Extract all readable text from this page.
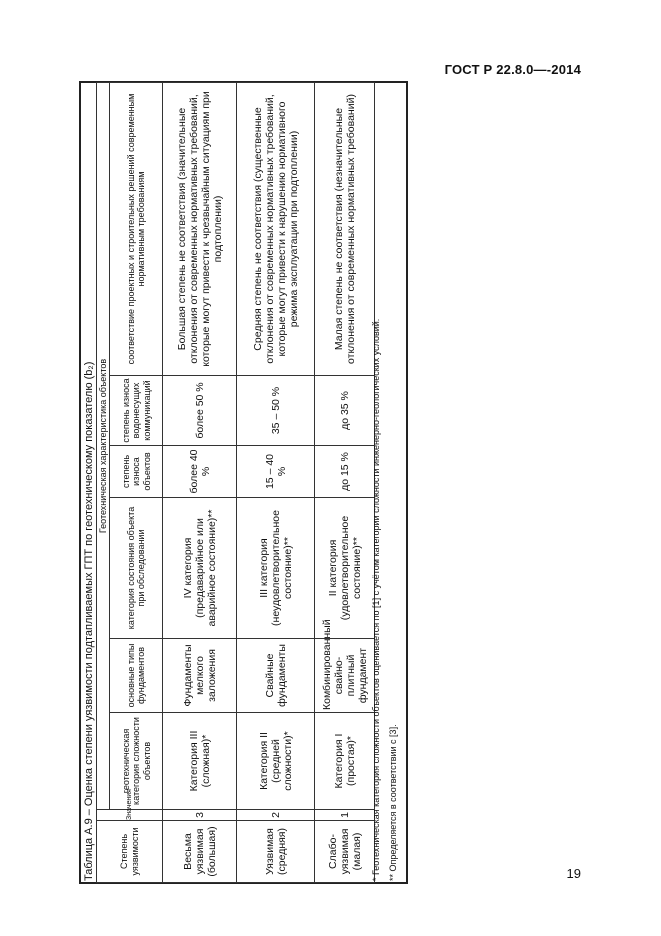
ГОСТ Р 22.8.0—-2014
Таблица А.9 – Оценка степени уязвимости подтапливаемых ГПТ по геотехническому показателю (b₂)	Степень уязвимости	Значения	Геотехническая характеристика объектов					
		геотехническая категория сложности объектов	основные типы фундаментов	категория состояния объекта при обследовании	степень износа объектов	степень износа водонесущих коммуникаций	соответствие проектных и строительных решений современным нормативным требованиям
Весьма уязвимая (большая)	3	Категория III (сложная)*	Фундаменты мелкого заложения	IV категория (предаварийное или аварийное состояние)**	более 40 %	более 50 %	Большая степень не соответствия (значительные отклонения от современных нормативных требований, которые могут привести к чрезвычайным ситуациям при подтоплении)
Уязвимая (средняя)	2	Категория II (средней сложности)*	Свайные фундаменты	III категория (неудовлетворительное состояние)**	15 – 40 %	35 – 50 %	Средняя степень не соответствия (существенные отклонения от современных нормативных требований, которые могут привести к нарушению нормативного режима эксплуатации при подтоплении)
Слабо-уязвимая (малая)	1	Категория I (простая)*	Комбинированный свайно-плитный фундамент	II категория (удовлетворительное состояние)**	до 15 %	до 35 %	Малая степень не соответствия (незначительные отклонения от современных нормативных требований)
* Геотехническая категория сложности объектов оценивается по [1] с учётом категории сложности инженерно-геологических условий. ** Определяется в соответствии с [3].	19
